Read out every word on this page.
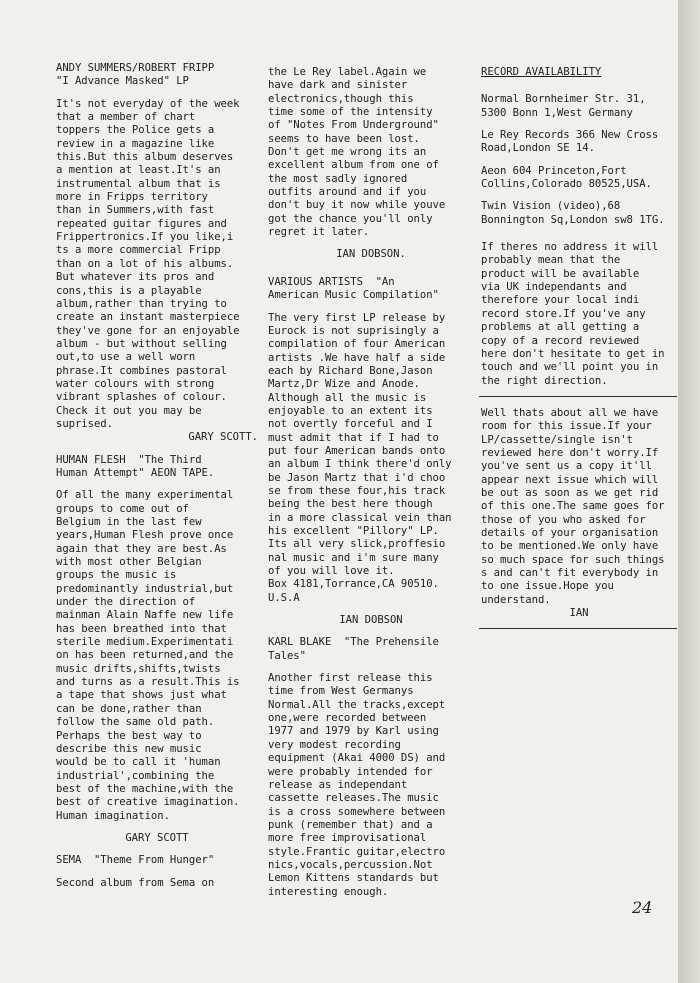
ANDY SUMMERS/ROBERT FRIPP
"I Advance Masked" LP
It's not everyday of the week
that a member of chart
toppers the Police gets a
review in a magazine like
this.But this album deserves
a mention at least.It's an
instrumental album that is
more in Fripps territory
than in Summers,with fast
repeated guitar figures and
Frippertronics.If you like,i
ts a more commercial Fripp
than on a lot of his albums.
But whatever its pros and
cons,this is a playable
album,rather than trying to
create an instant masterpiece
they've gone for an enjoyable
album - but without selling
out,to use a well worn
phrase.It combines pastoral
water colours with strong
vibrant splashes of colour.
Check it out you may be
suprised.
GARY SCOTT.
HUMAN FLESH  "The Third
Human Attempt" AEON TAPE.
Of all the many experimental
groups to come out of
Belgium in the last few
years,Human Flesh prove once
again that they are best.As
with most other Belgian
groups the music is
predominantly industrial,but
under the direction of
mainman Alain Naffe new life
has been breathed into that
sterile medium.Experimentati
on has been returned,and the
music drifts,shifts,twists
and turns as a result.This is
a tape that shows just what
can be done,rather than
follow the same old path.
Perhaps the best way to
describe this new music
would be to call it 'human
industrial',combining the
best of the machine,with the
best of creative imagination.
Human imagination.
GARY SCOTT
SEMA  "Theme From Hunger"
Second album from Sema on
the Le Rey label.Again we
have dark and sinister
electronics,though this
time some of the intensity
of "Notes From Underground"
seems to have been lost.
Don't get me wrong its an
excellent album from one of
the most sadly ignored
outfits around and if you
don't buy it now while youve
got the chance you'll only
regret it later.
IAN DOBSON.
VARIOUS ARTISTS  "An
American Music Compilation"
The very first LP release by
Eurock is not suprisingly a
compilation of four American
artists .We have half a side
each by Richard Bone,Jason
Martz,Dr Wize and Anode.
Although all the music is
enjoyable to an extent its
not overtly forceful and I
must admit that if I had to
put four American bands onto
an album I think there'd only
be Jason Martz that i'd choo
se from these four,his track
being the best here though
in a more classical vein than
his excellent "Pillory" LP.
Its all very slick,proffesio
nal music and i'm sure many
of you will love it.
Box 4181,Torrance,CA 90510.
U.S.A
IAN DOBSON
KARL BLAKE  "The Prehensile
Tales"
Another first release this
time from West Germanys
Normal.All the tracks,except
one,were recorded between
1977 and 1979 by Karl using
very modest recording
equipment (Akai 4000 DS) and
were probably intended for
release as independant
cassette releases.The music
is a cross somewhere between
punk (remember that) and a
more free improvisational
style.Frantic guitar,electro
nics,vocals,percussion.Not
Lemon Kittens standards but
interesting enough.
RECORD AVAILABILITY
Normal Bornheimer Str. 31,
5300 Bonn 1,West Germany
Le Rey Records 366 New Cross
Road,London SE 14.
Aeon 604 Princeton,Fort
Collins,Colorado 80525,USA.
Twin Vision (video),68
Bonnington Sq,London sw8 1TG.
If theres no address it will
probably mean that the
product will be available
via UK independants and
therefore your local indi
record store.If you've any
problems at all getting a
copy of a record reviewed
here don't hesitate to get in
touch and we'll point you in
the right direction.
Well thats about all we have
room for this issue.If your
LP/cassette/single isn't
reviewed here don't worry.If
you've sent us a copy it'll
appear next issue which will
be out as soon as we get rid
of this one.The same goes for
those of you who asked for
details of your organisation
to be mentioned.We only have
so much space for such things
s and can't fit everybody in
to one issue.Hope you
understand.
IAN
24
